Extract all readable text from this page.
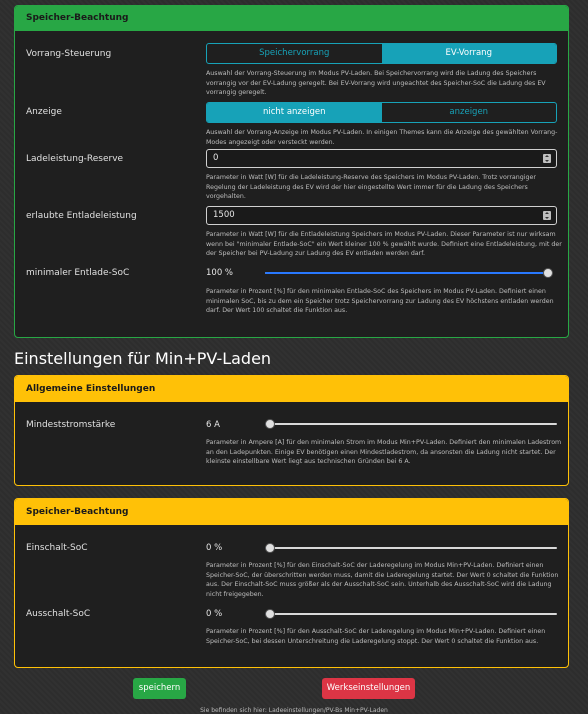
Speicher-Beachtung
Vorrang-Steuerung	Speichervorrang	EV-Vorrang
Auswahl der Vorrang-Steuerung im Modus PV-Laden. Bei Speichervorrang wird die Ladung des Speichers vorrangig vor der EV-Ladung geregelt. Bei EV-Vorrang wird ungeachtet des Speicher-SoC die Ladung des EV vorrangig geregelt.
Anzeige	nicht anzeigen	anzeigen
Auswahl der Vorrang-Anzeige im Modus PV-Laden. In einigen Themes kann die Anzeige des gewählten Vorrang-Modes angezeigt oder versteckt werden.
Ladeleistung-Reserve	0
Parameter in Watt [W] für die Ladeleistung-Reserve des Speichers im Modus PV-Laden. Trotz vorrangiger Regelung der Ladeleistung des EV wird der hier eingestellte Wert immer für die Ladung des Speichers vorgehalten.
erlaubte Entladeleistung	1500
Parameter in Watt [W] für die Entladeleistung Speichers im Modus PV-Laden. Dieser Parameter ist nur wirksam wenn bei "minimaler Entlade-SoC" ein Wert kleiner 100 % gewählt wurde. Definiert eine Entladeleistung, mit der der Speicher bei PV-Ladung zur Ladung des EV entladen werden darf.
minimaler Entlade-SoC	100 %
Parameter in Prozent [%] für den minimalen Entlade-SoC des Speichers im Modus PV-Laden. Definiert einen minimalen SoC, bis zu dem ein Speicher trotz Speichervorrang zur Ladung des EV höchstens entladen werden darf. Der Wert 100 schaltet die Funktion aus.
Einstellungen für Min+PV-Laden
Allgemeine Einstellungen
Mindeststromstärke	6 A
Parameter in Ampere [A] für den minimalen Strom im Modus Min+PV-Laden. Definiert den minimalen Ladestrom an den Ladepunkten. Einige EV benötigen einen Mindestladestrom, da ansonsten die Ladung nicht startet. Der kleinste einstellbare Wert liegt aus technischen Gründen bei 6 A.
Speicher-Beachtung
Einschalt-SoC	0 %
Parameter in Prozent [%] für den Einschalt-SoC der Laderegelung im Modus Min+PV-Laden. Definiert einen Speicher-SoC, der überschritten werden muss, damit die Laderegelung startet. Der Wert 0 schaltet die Funktion aus. Der Einschalt-SoC muss größer als der Ausschalt-SoC sein. Unterhalb des Ausschalt-SoC wird die Ladung nicht freigegeben.
Ausschalt-SoC	0 %
Parameter in Prozent [%] für den Ausschalt-SoC der Laderegelung im Modus Min+PV-Laden. Definiert einen Speicher-SoC, bei dessen Unterschreitung die Laderegelung stoppt. Der Wert 0 schaltet die Funktion aus.
speichern	Werkseinstellungen
Sie befinden sich hier: Ladeeinstellungen/PV-Bs Min+PV-Laden
